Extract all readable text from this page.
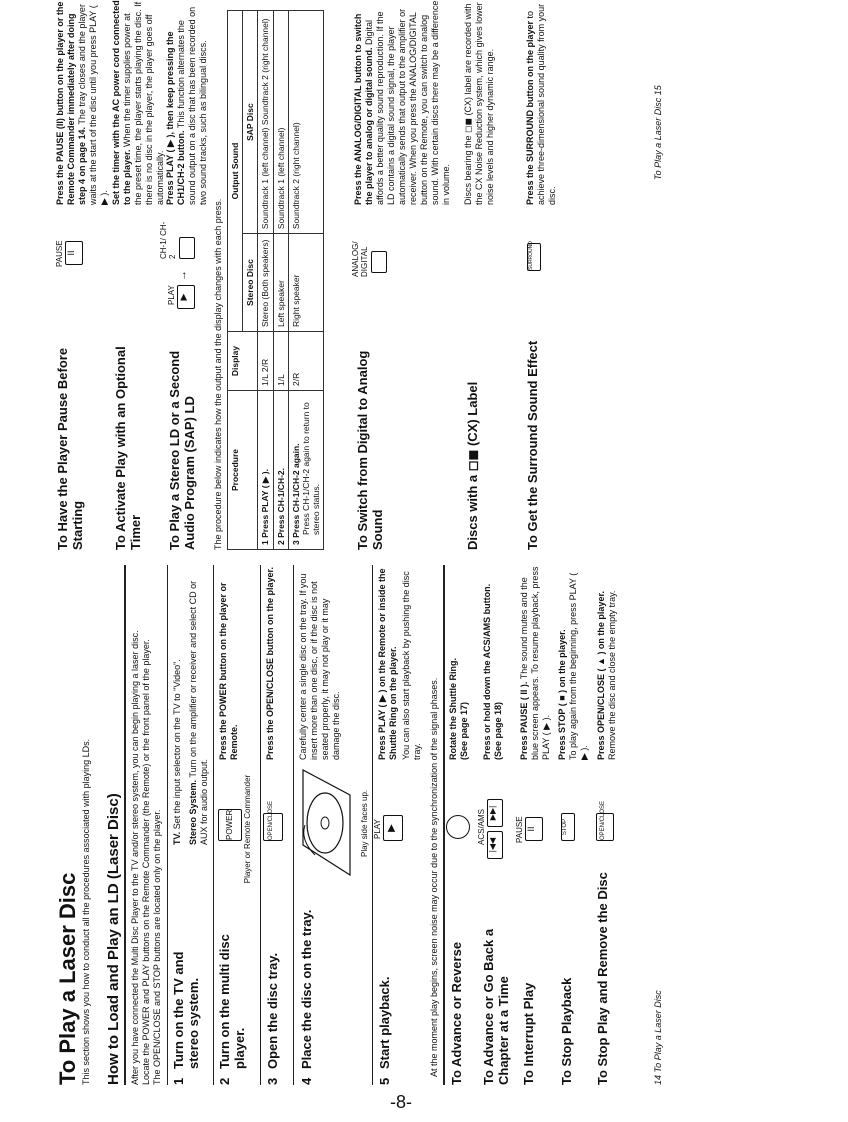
To Play a Laser Disc This section shows you how to conduct all the procedures associated with playing LDs. How to Load and Play an LD (Laser Disc) After you have connected the Multi Disc Player to the TV and/or stereo system, you can begin playing a laser disc. Locate the POWER and PLAY buttons on the Remote Commander (the Remote) or the front panel of the player. The OPEN/CLOSE and STOP buttons are located only on the player. 1
Turn on the TV and stereo system.
TV. Set the input selector on the TV to "Video". Stereo System. Turn on the amplifier or receiver and select CD or AUX for audio output.
2
Turn on the multi disc player.
POWER Player or Remote Commander
Press the POWER button on the player or Remote.
3
Open the disc tray.
OPEN/CLOSE
Press the OPEN/CLOSE button on the player.
4
Place the disc on the tray.
Play side faces up.
Carefully center a single disc on the tray. If you insert more than one disc, or if the disc is not seated properly, it may not play or it may damage the disc.
5
Start playback.
PLAY ▶
Press PLAY ( ▶ ) on the Remote or inside the Shuttle Ring on the player. You can also start playback by pushing the disc tray. At the moment play begins, screen noise may occur due to the synchronization of the signal phases. To Advance or Reverse
Rotate the Shuttle Ring. (See page 17)
To Advance or Go Back a Chapter at a Time
ACS/AMS
|◀◀
▶▶|
Press or hold down the ACS/AMS button. (See page 18)
To Interrupt Play
PAUSE II
Press PAUSE ( II ). The sound mutes and the blue screen appears. To resume playback, press PLAY ( ▶ ).
To Stop Playback
STOP
Press STOP ( ■ ) on the player. To play again from the beginning, press PLAY ( ▶ ).
To Stop Play and Remove the Disc
OPEN/CLOSE
Press OPEN/CLOSE ( ▲ ) on the player. Remove the disc and close the empty tray.
14 To Play a Laser Disc
To Have the Player Pause Before Starting
PAUSE II
Press the PAUSE (II) button on the player or the Remote Commander immediately after doing step 4 on page 14. The tray closes and the player waits at the start of the disc until you press PLAY ( ▶ ).
To Activate Play with an Optional Timer
Set the timer with the AC power cord connected to the player. When the timer supplies power at the preset time, the player starts playing the disc. If there is no disc in the player, the player goes off automatically.
To Play a Stereo LD or a Second Audio Program (SAP) LD
PLAY ▶
→
CH-1/ CH-2
Press PLAY ( ▶ ), then keep pressing the CH1/CH-2 button. This function alternates the sound output on a disc that has been recorded on two sound tracks, such as bilingual discs.
The procedure below indicates how the output and the display changes with each press. Procedure	Display	Output Sound	
		Stereo Disc	SAP Disc
1 Press PLAY ( ▶ ).	1/L 2/R	Stereo (Both speakers)	Soundtrack 1 (left channel) Soundtrack 2 (right channel)
2 Press CH-1/CH-2.	1/L	Left speaker	Soundtrack 1 (left channel)

3 Press CH-1/CH-2 again. Press CH-1/CH-2 again to return to stereo status.	2/R	Right speaker	Soundtrack 2 (right channel)
To Switch from Digital to Analog Sound
ANALOG/ DIGITAL
Press the ANALOG/DIGITAL button to switch the player to analog or digital sound. Digital affords a better quality sound reproduction. If the LD contains a digital sound signal, the player automatically sends that output to the amplifier or receiver. When you press the ANALOG/DIGITAL button on the Remote, you can switch to analog sound. With certain discs there may be a difference in volume.
Discs with a ◻◼ (CX) Label
Discs bearing the ◻◼ (CX) label are recorded with the CX Noise Reduction system, which gives lower noise levels and higher dynamic range.
To Get the Surround Sound Effect
SURROUND
Press the SURROUND button on the player to achieve three-dimensional sound quality from your disc.
To Play a Laser Disc 15
-8-
